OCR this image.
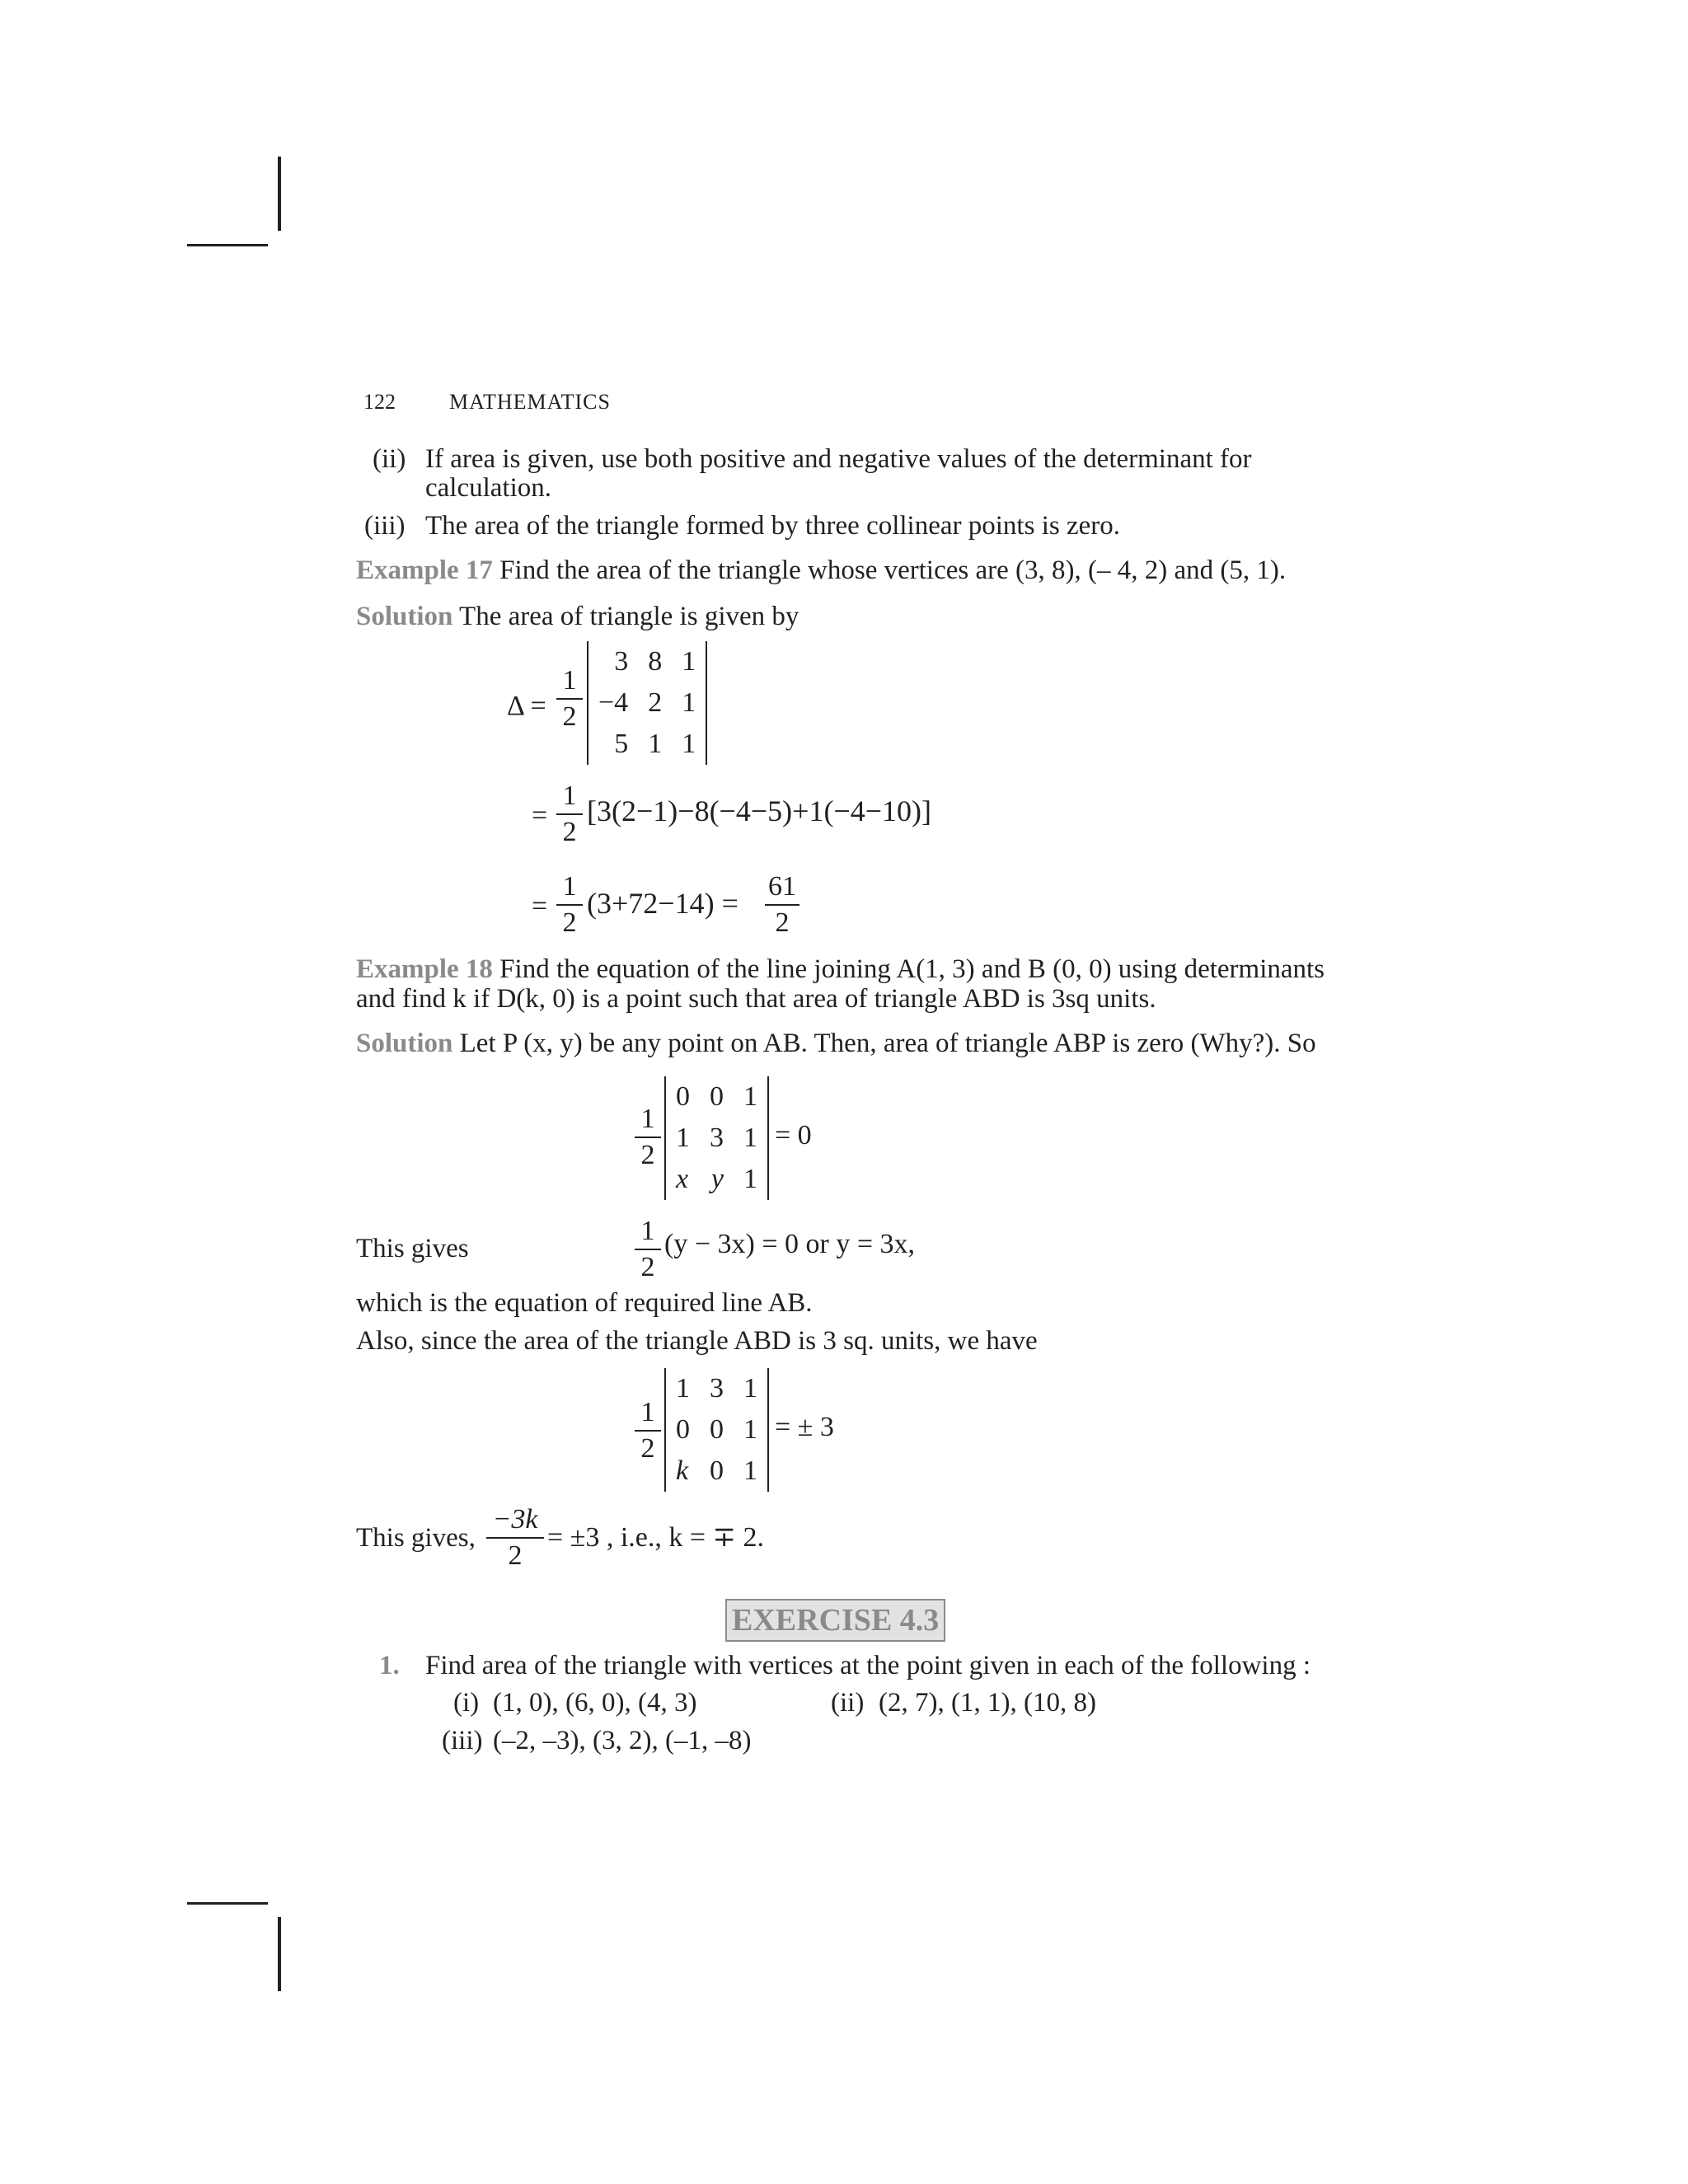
122	MATHEMATICS
(ii) If area is given, use both positive and negative values of the determinant for
calculation.
(iii) The area of the triangle formed by three collinear points is zero.
Example 17 Find the area of the triangle whose vertices are (3, 8), (– 4, 2) and (5, 1).
Solution The area of triangle is given by
Δ =
1
2
3	8	1
−4	2	1
5	1	1
=
1
2
[3(2−1)−8(−4−5)+1(−4−10)]
=
1
2
(3+72−14) =
61
2
Example 18 Find the equation of the line joining A(1, 3) and B (0, 0) using determinants
and find k if D(k, 0) is a point such that area of triangle ABD is 3sq units.
Solution Let P (x, y) be any point on AB. Then, area of triangle ABP is zero (Why?). So
1
2
0	0	1
1	3	1
x	y	1
= 0
This gives
1
2
(y − 3x) = 0 or y = 3x,
which is the equation of required line AB.
Also, since the area of the triangle ABD is 3 sq. units, we have
1
2
1	3	1
0	0	1
k	0	1
= ± 3
This gives,
−3k
2
= ±3 , i.e., k = ∓ 2.
EXERCISE 4.3
1. Find area of the triangle with vertices at the point given in each of the following :
(i) (1, 0), (6, 0), (4, 3)	(ii) (2, 7), (1, 1), (10, 8)
(iii) (–2, –3), (3, 2), (–1, –8)
